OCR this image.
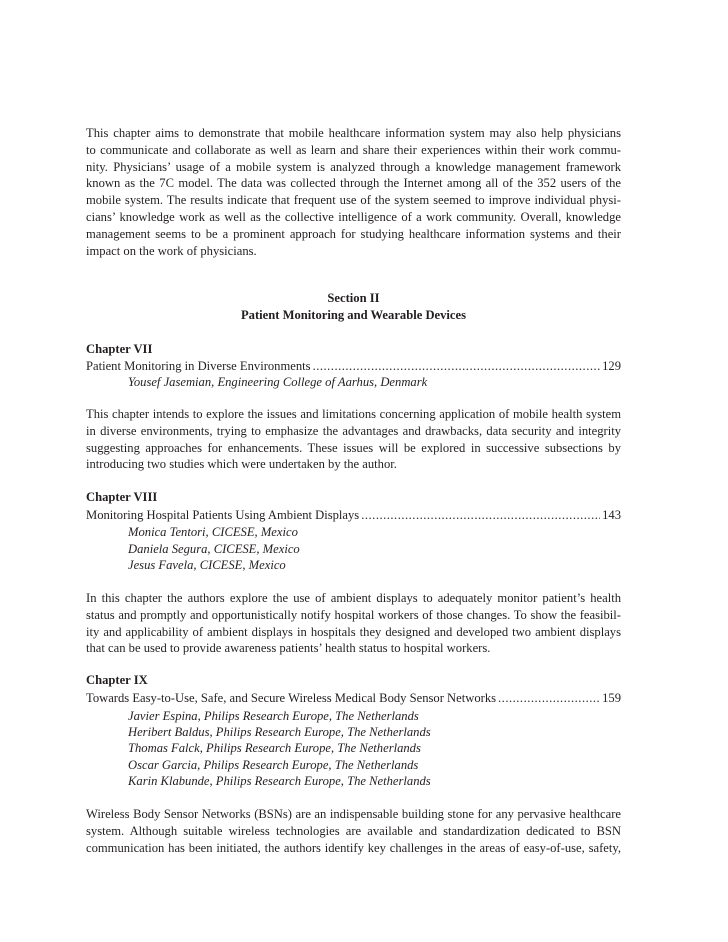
This chapter aims to demonstrate that mobile healthcare information system may also help physicians
to communicate and collaborate as well as learn and share their experiences within their work commu-
nity. Physicians’ usage of a mobile system is analyzed through a knowledge management framework
known as the 7C model. The data was collected through the Internet among all of the 352 users of the
mobile system. The results indicate that frequent use of the system seemed to improve individual physi-
cians’ knowledge work as well as the collective intelligence of a work community. Overall, knowledge
management seems to be a prominent approach for studying healthcare information systems and their
impact on the work of physicians.
Section II
Patient Monitoring and Wearable Devices
Chapter VII
Patient Monitoring in Diverse Environments .....	129
Yousef Jasemian, Engineering College of Aarhus, Denmark
This chapter intends to explore the issues and limitations concerning application of mobile health system
in diverse environments, trying to emphasize the advantages and drawbacks, data security and integrity
suggesting approaches for enhancements. These issues will be explored in successive subsections by
introducing two studies which were undertaken by the author.
Chapter VIII
Monitoring Hospital Patients Using Ambient Displays .....	143
Monica Tentori, CICESE, Mexico
Daniela Segura, CICESE, Mexico
Jesus Favela, CICESE, Mexico
In this chapter the authors explore the use of ambient displays to adequately monitor patient’s health
status and promptly and opportunistically notify hospital workers of those changes. To show the feasibil-
ity and applicability of ambient displays in hospitals they designed and developed two ambient displays
that can be used to provide awareness patients’ health status to hospital workers.
Chapter IX
Towards Easy-to-Use, Safe, and Secure Wireless Medical Body Sensor Networks .....	159
Javier Espina, Philips Research Europe, The Netherlands
Heribert Baldus, Philips Research Europe, The Netherlands
Thomas Falck, Philips Research Europe, The Netherlands
Oscar Garcia, Philips Research Europe, The Netherlands
Karin Klabunde, Philips Research Europe, The Netherlands
Wireless Body Sensor Networks (BSNs) are an indispensable building stone for any pervasive healthcare
system. Although suitable wireless technologies are available and standardization dedicated to BSN
communication has been initiated, the authors identify key challenges in the areas of easy-of-use, safety,
